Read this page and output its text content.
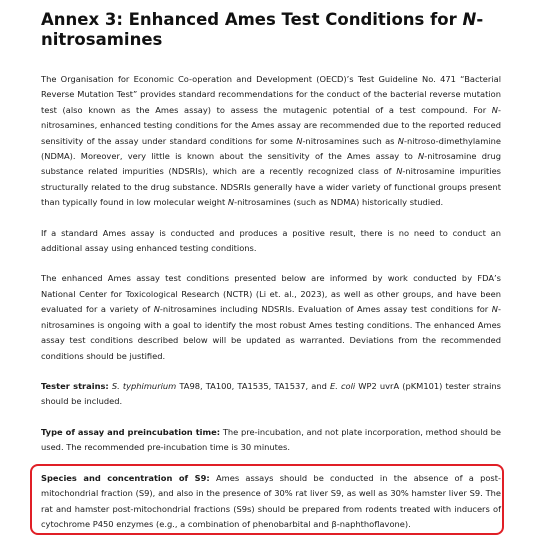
Annex 3: Enhanced Ames Test Conditions for N-nitrosamines

The Organisation for Economic Co-operation and Development (OECD)’s Test Guideline No. 471 “Bacterial Reverse Mutation Test” provides standard recommendations for the conduct of the bacterial reverse mutation test (also known as the Ames assay) to assess the mutagenic potential of a test compound. For N-nitrosamines, enhanced testing conditions for the Ames assay are recommended due to the reported reduced sensitivity of the assay under standard conditions for some N-nitrosamines such as N-nitroso-dimethylamine (NDMA). Moreover, very little is known about the sensitivity of the Ames assay to N-nitrosamine drug substance related impurities (NDSRIs), which are a recently recognized class of N-nitrosamine impurities structurally related to the drug substance. NDSRIs generally have a wider variety of functional groups present than typically found in low molecular weight N-nitrosamines (such as NDMA) historically studied.

If a standard Ames assay is conducted and produces a positive result, there is no need to conduct an additional assay using enhanced testing conditions.

The enhanced Ames assay test conditions presented below are informed by work conducted by FDA’s National Center for Toxicological Research (NCTR) (Li et. al., 2023), as well as other groups, and have been evaluated for a variety of N-nitrosamines including NDSRIs. Evaluation of Ames assay test conditions for N-nitrosamines is ongoing with a goal to identify the most robust Ames testing conditions. The enhanced Ames assay test conditions described below will be updated as warranted. Deviations from the recommended conditions should be justified.

Tester strains: S. typhimurium TA98, TA100, TA1535, TA1537, and E. coli WP2 uvrA (pKM101) tester strains should be included.

Type of assay and preincubation time: The pre-incubation, and not plate incorporation, method should be used. The recommended pre-incubation time is 30 minutes.

Species and concentration of S9: Ames assays should be conducted in the absence of a post-mitochondrial fraction (S9), and also in the presence of 30% rat liver S9, as well as 30% hamster liver S9. The rat and hamster post-mitochondrial fractions (S9s) should be prepared from rodents treated with inducers of cytochrome P450 enzymes (e.g., a combination of phenobarbital and β-naphthoflavone).
